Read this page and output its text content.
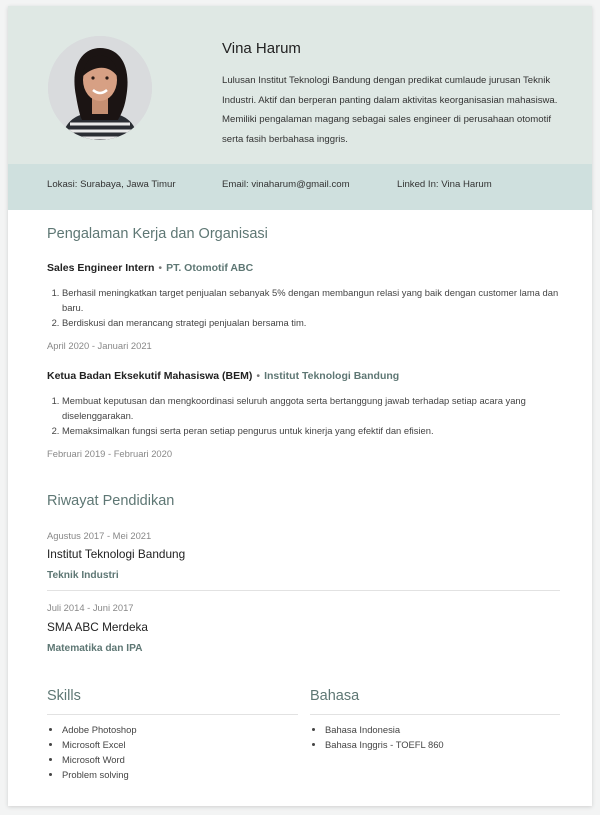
Vina Harum
Lulusan Institut Teknologi Bandung dengan predikat cumlaude jurusan Teknik Industri. Aktif dan berperan panting dalam aktivitas keorganisasian mahasiswa. Memiliki pengalaman magang sebagai sales engineer di perusahaan otomotif serta fasih berbahasa inggris.
Lokasi: Surabaya, Jawa Timur	Email: vinaharum@gmail.com	Linked In: Vina Harum
Pengalaman Kerja dan Organisasi
Sales Engineer Intern • PT. Otomotif ABC
1. Berhasil meningkatkan target penjualan sebanyak 5% dengan membangun relasi yang baik dengan customer lama dan baru.
2. Berdiskusi dan merancang strategi penjualan bersama tim.
April 2020 - Januari 2021
Ketua Badan Eksekutif Mahasiswa (BEM) • Institut Teknologi Bandung
1. Membuat keputusan dan mengkoordinasi seluruh anggota serta bertanggung jawab terhadap setiap acara yang diselenggarakan.
2. Memaksimalkan fungsi serta peran setiap pengurus untuk kinerja yang efektif dan efisien.
Februari 2019 - Februari 2020
Riwayat Pendidikan
Agustus 2017 - Mei 2021
Institut Teknologi Bandung
Teknik Industri
Juli 2014 - Juni 2017
SMA ABC Merdeka
Matematika dan IPA
Skills
• Adobe Photoshop
• Microsoft Excel
• Microsoft Word
• Problem solving
Bahasa
• Bahasa Indonesia
• Bahasa Inggris - TOEFL 860
